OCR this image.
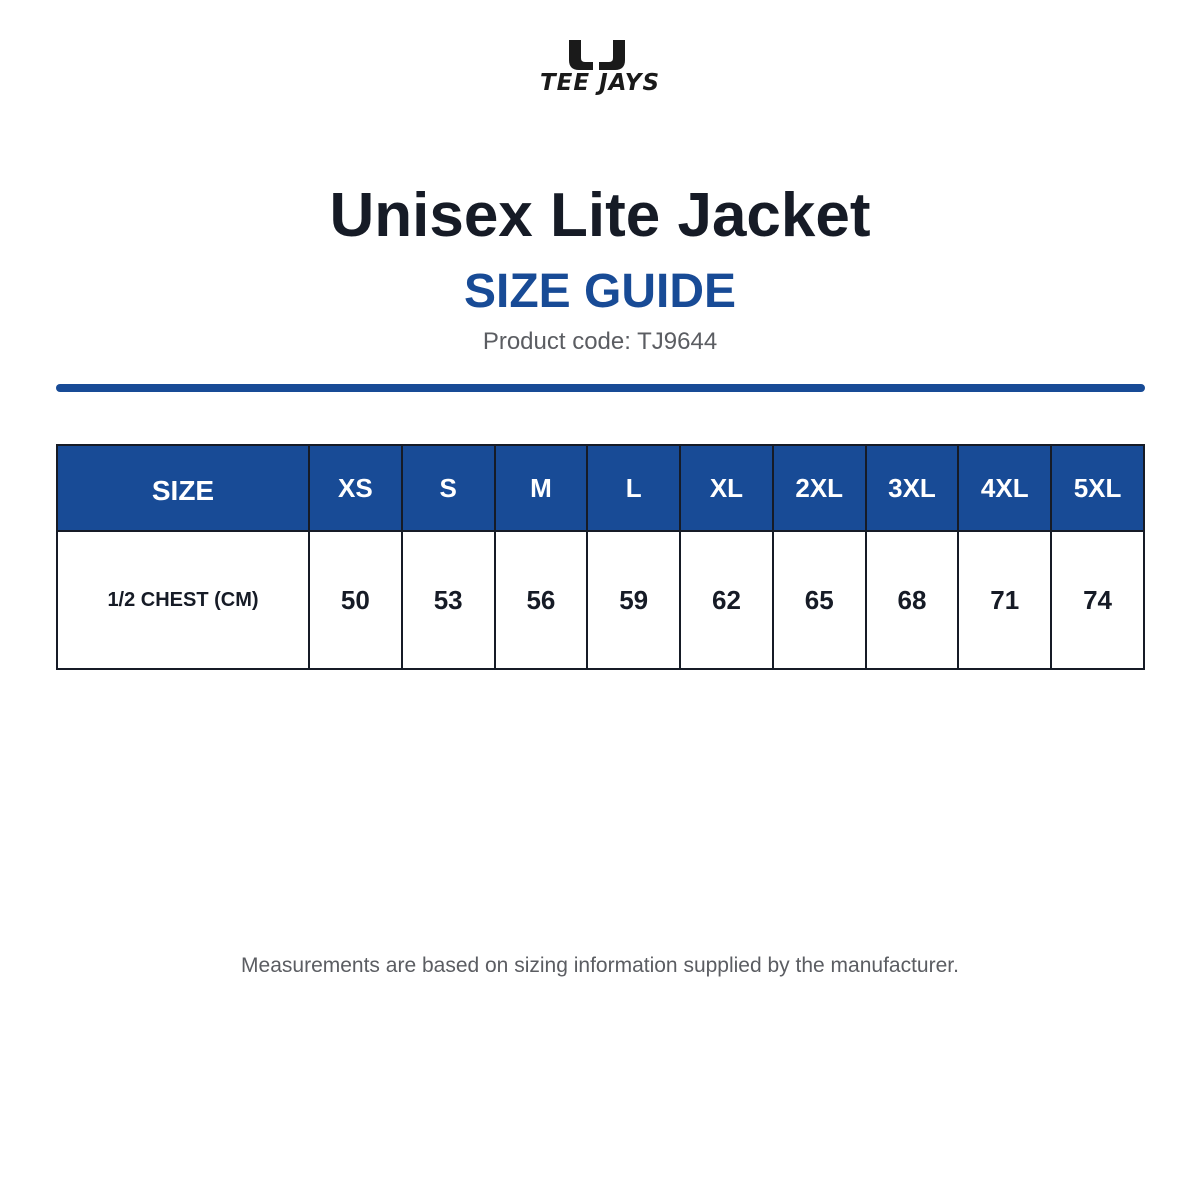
TEE JAYS
Unisex Lite Jacket
SIZE GUIDE
Product code: TJ9644
SIZE	XS	S	M	L	XL	2XL	3XL	4XL	5XL
1/2 CHEST (CM)	50	53	56	59	62	65	68	71	74
Measurements are based on sizing information supplied by the manufacturer.
